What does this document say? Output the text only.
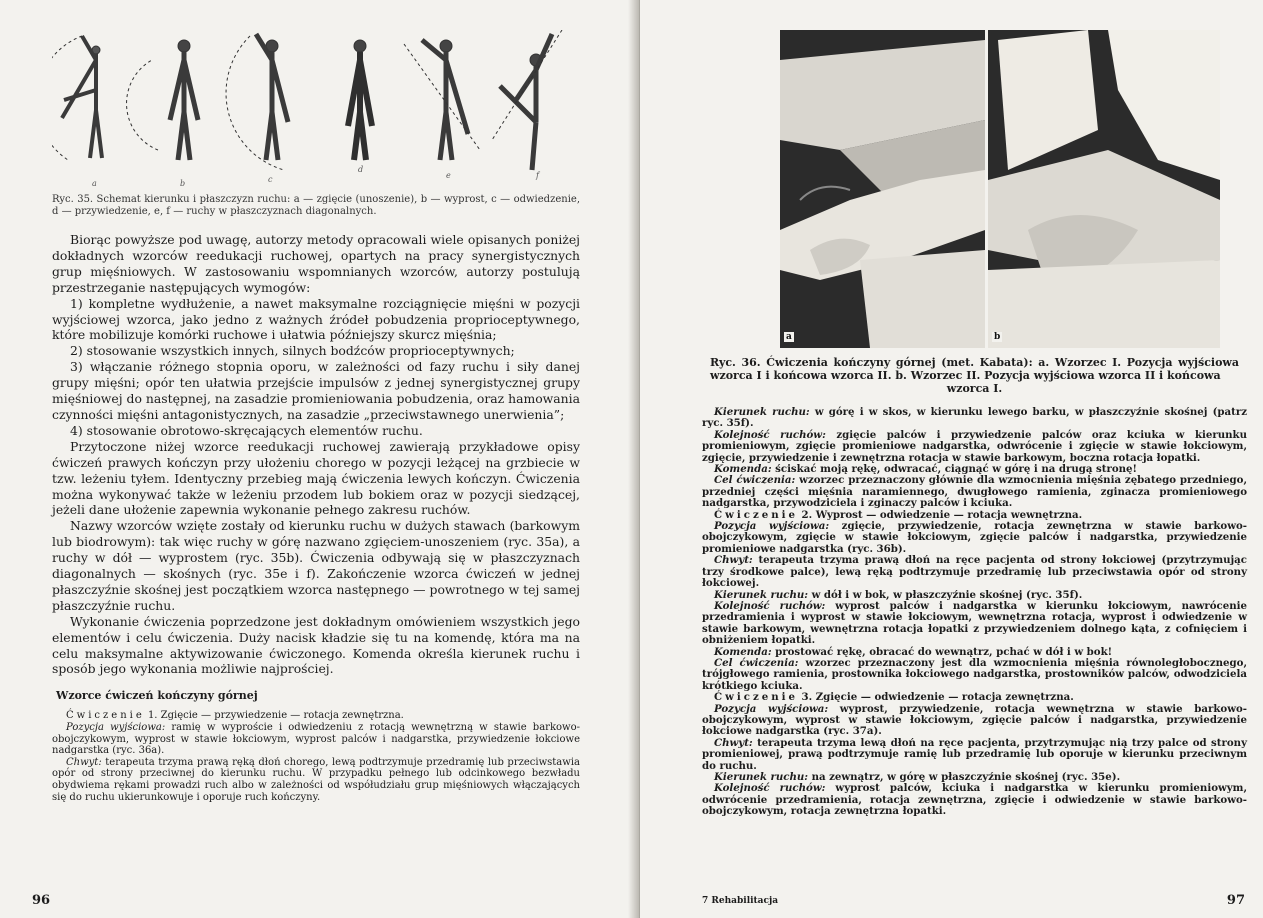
a	b	c
d
e	f
Ryc. 35. Schemat kierunku i płaszczyzn ruchu: a — zgięcie (unoszenie), b — wyprost, c — odwiedzenie, d — przywiedzenie, e, f — ruchy w płaszczyznach diagonalnych.

Biorąc powyższe pod uwagę, autorzy metody opracowali wiele opisanych poniżej dokładnych wzorców reedukacji ruchowej, opartych na pracy synergistycznych grup mięśniowych. W zastosowaniu wspomnianych wzorców, autorzy postulują przestrzeganie następujących wymogów:

1) kompletne wydłużenie, a nawet maksymalne rozciągnięcie mięśni w pozycji wyjściowej wzorca, jako jedno z ważnych źródeł pobudzenia proprioceptywnego, które mobilizuje komórki ruchowe i ułatwia późniejszy skurcz mięśnia;

2) stosowanie wszystkich innych, silnych bodźców proprioceptywnych;

3) włączanie różnego stopnia oporu, w zależności od fazy ruchu i siły danej grupy mięśni; opór ten ułatwia przejście impulsów z jednej synergistycznej grupy mięśniowej do następnej, na zasadzie promieniowania pobudzenia, oraz hamowania czynności mięśni antagonistycznych, na zasadzie „przeciwstawnego unerwienia”;

4) stosowanie obrotowo-skręcających elementów ruchu.

Przytoczone niżej wzorce reedukacji ruchowej zawierają przykładowe opisy ćwiczeń prawych kończyn przy ułożeniu chorego w pozycji leżącej na grzbiecie w tzw. leżeniu tyłem. Identyczny przebieg mają ćwiczenia lewych kończyn. Ćwiczenia można wykonywać także w leżeniu przodem lub bokiem oraz w pozycji siedzącej, jeżeli dane ułożenie zapewnia wykonanie pełnego zakresu ruchów.

Nazwy wzorców wzięte zostały od kierunku ruchu w dużych stawach (barkowym lub biodrowym): tak więc ruchy w górę nazwano zgięciem-unoszeniem (ryc. 35a), a ruchy w dół — wyprostem (ryc. 35b). Ćwiczenia odbywają się w płaszczyznach diagonalnych — skośnych (ryc. 35e i f). Zakończenie wzorca ćwiczeń w jednej płaszczyźnie skośnej jest początkiem wzorca następnego — powrotnego w tej samej płaszczyźnie ruchu.

Wykonanie ćwiczenia poprzedzone jest dokładnym omówieniem wszystkich jego elementów i celu ćwiczenia. Duży nacisk kładzie się tu na komendę, która ma na celu maksymalne aktywizowanie ćwiczonego. Komenda określa kierunek ruchu i sposób jego wykonania możliwie najprościej.

Wzorce ćwiczeń kończyny górnej

Ćwiczenie 1. Zgięcie — przywiedzenie — rotacja zewnętrzna.

Pozycja wyjściowa: ramię w wyproście i odwiedzeniu z rotacją wewnętrzną w stawie barkowo-obojczykowym, wyprost w stawie łokciowym, wyprost palców i nadgarstka, przywiedzenie łokciowe nadgarstka (ryc. 36a).

Chwyt: terapeuta trzyma prawą ręką dłoń chorego, lewą podtrzymuje przedramię lub przeciwstawia opór od strony przeciwnej do kierunku ruchu. W przypadku pełnego lub odcinkowego bezwładu obydwiema rękami prowadzi ruch albo w zależności od współudziału grup mięśniowych włączających się do ruchu ukierunkowuje i oporuje ruch kończyny.

96
a	b
Ryc. 36. Ćwiczenia kończyny górnej (met. Kabata): a. Wzorzec I. Pozycja wyjściowa wzorca I i końcowa wzorca II. b. Wzorzec II. Pozycja wyjściowa wzorca II i końcowa
wzorca I.

Kierunek ruchu: w górę i w skos, w kierunku lewego barku, w płaszczyźnie skośnej (patrz ryc. 35f).

Kolejność ruchów: zgięcie palców i przywiedzenie palców oraz kciuka w kierunku promieniowym, zgięcie promieniowe nadgarstka, odwrócenie i zgięcie w stawie łokciowym, zgięcie, przywiedzenie i zewnętrzna rotacja w stawie barkowym, boczna rotacja łopatki.

Komenda: ściskać moją rękę, odwracać, ciągnąć w górę i na drugą stronę!

Cel ćwiczenia: wzorzec przeznaczony głównie dla wzmocnienia mięśnia zębatego przedniego, przedniej części mięśnia naramiennego, dwugłowego ramienia, zginacza promieniowego nadgarstka, przywodziciela i zginaczy palców i kciuka.

Ćwiczenie 2. Wyprost — odwiedzenie — rotacja wewnętrzna.

Pozycja wyjściowa: zgięcie, przywiedzenie, rotacja zewnętrzna w stawie barkowo-obojczykowym, zgięcie w stawie łokciowym, zgięcie palców i nadgarstka, przywiedzenie promieniowe nadgarstka (ryc. 36b).

Chwyt: terapeuta trzyma prawą dłoń na ręce pacjenta od strony łokciowej (przytrzymując trzy środkowe palce), lewą ręką podtrzymuje przedramię lub przeciwstawia opór od strony łokciowej.

Kierunek ruchu: w dół i w bok, w płaszczyźnie skośnej (ryc. 35f).

Kolejność ruchów: wyprost palców i nadgarstka w kierunku łokciowym, nawrócenie przedramienia i wyprost w stawie łokciowym, wewnętrzna rotacja, wyprost i odwiedzenie w stawie barkowym, wewnętrzna rotacja łopatki z przywiedzeniem dolnego kąta, z cofnięciem i obniżeniem łopatki.

Komenda: prostować rękę, obracać do wewnątrz, pchać w dół i w bok!

Cel ćwiczenia: wzorzec przeznaczony jest dla wzmocnienia mięśnia równoległobocznego, trójgłowego ramienia, prostownika łokciowego nadgarstka, prostowników palców, odwodziciela krótkiego kciuka.

Ćwiczenie 3. Zgięcie — odwiedzenie — rotacja zewnętrzna.

Pozycja wyjściowa: wyprost, przywiedzenie, rotacja wewnętrzna w stawie barkowo-obojczykowym, wyprost w stawie łokciowym, zgięcie palców i nadgarstka, przywiedzenie łokciowe nadgarstka (ryc. 37a).

Chwyt: terapeuta trzyma lewą dłoń na ręce pacjenta, przytrzymując nią trzy palce od strony promieniowej, prawą podtrzymuje ramię lub przedramię lub oporuje w kierunku przeciwnym do ruchu.

Kierunek ruchu: na zewnątrz, w górę w płaszczyźnie skośnej (ryc. 35e).

Kolejność ruchów: wyprost palców, kciuka i nadgarstka w kierunku promieniowym, odwrócenie przedramienia, rotacja zewnętrzna, zgięcie i odwiedzenie w stawie barkowo-obojczykowym, rotacja zewnętrzna łopatki.

7 Rehabilitacja	97
